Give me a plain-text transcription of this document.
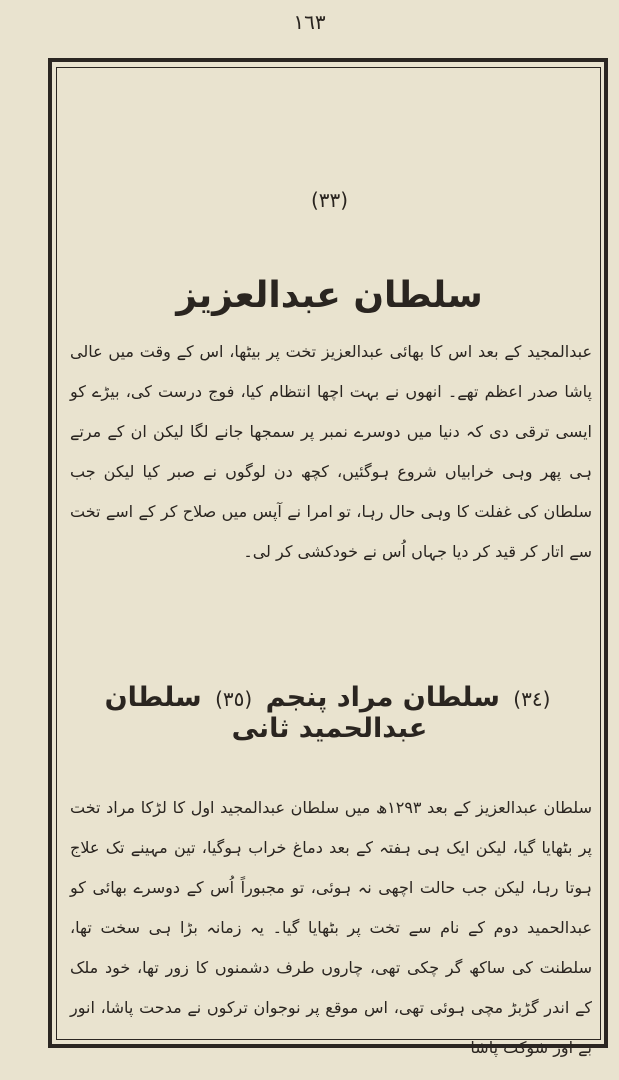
١٦٣
(٣٣)
سلطان عبدالعزیز
عبدالمجید کے بعد اس کا بھائی عبدالعزیز تخت پر بیٹھا، اس کے وقت میں عالی پاشا صدر اعظم تھے۔ انھوں نے بہت اچھا انتظام کیا، فوج درست کی، بیڑے کو ایسی ترقی دی کہ دنیا میں دوسرے نمبر پر سمجھا جانے لگا لیکن ان کے مرتے ہی پھر وہی خرابیاں شروع ہوگئیں، کچھ دن لوگوں نے صبر کیا لیکن جب سلطان کی غفلت کا وہی حال رہا، تو امرا نے آپس میں صلاح کر کے اسے تخت سے اتار کر قید کر دیا جہاں اُس نے خودکشی کر لی۔
(٣٤) سلطان مراد پنجم (٣٥) سلطان عبدالحمید ثانی
سلطان عبدالعزیز کے بعد ۱۲۹۳ھ میں سلطان عبدالمجید اول کا لڑکا مراد تخت پر بٹھایا گیا، لیکن ایک ہی ہفتہ کے بعد دماغ خراب ہوگیا، تین مہینے تک علاج ہوتا رہا، لیکن جب حالت اچھی نہ ہوئی، تو مجبوراً اُس کے دوسرے بھائی کو عبدالحمید دوم کے نام سے تخت پر بٹھایا گیا۔ یہ زمانہ بڑا ہی سخت تھا، سلطنت کی ساکھ گر چکی تھی، چاروں طرف دشمنوں کا زور تھا، خود ملک کے اندر گڑبڑ مچی ہوئی تھی، اس موقع پر نوجوان ترکوں نے مدحت پاشا، انور بے اور شوکت پاشا
